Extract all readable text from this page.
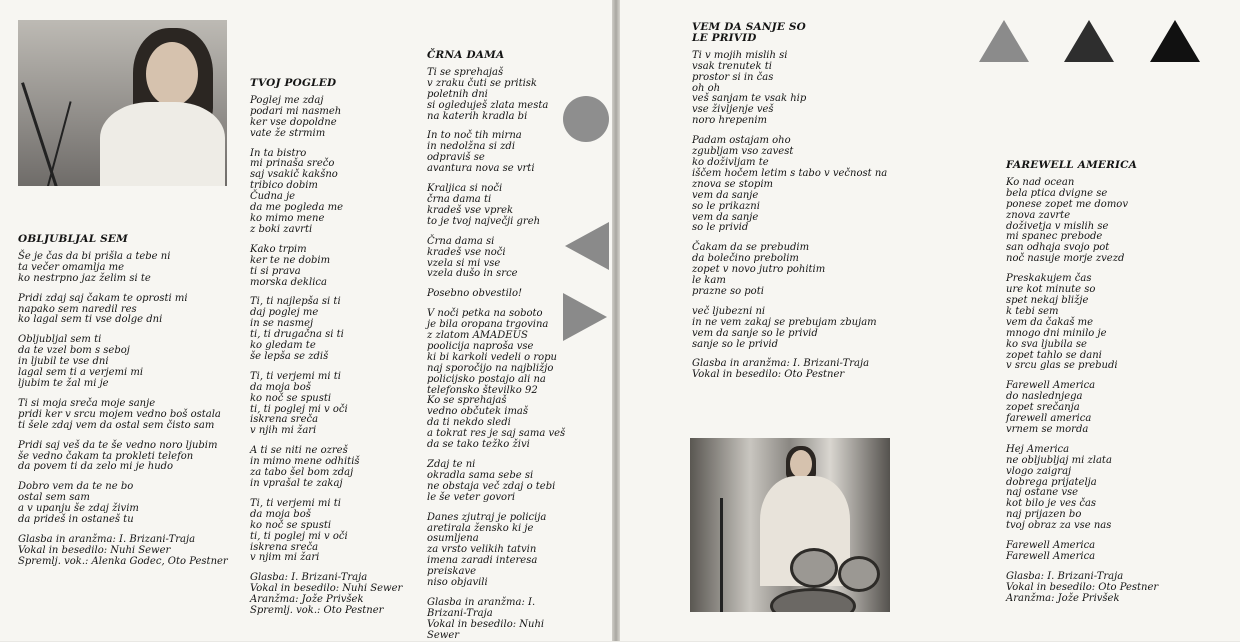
OBLJUBLJAL SEM
Še je čas da bi prišla a tebe ni
ta večer omamlja me
ko nestrpno jaz želim si te
Pridi zdaj saj čakam te oprosti mi
napako sem naredil res
ko lagal sem ti vse dolge dni
Obljubljal sem ti
da te vzel bom s seboj
in ljubil te vse dni
lagal sem ti a verjemi mi
ljubim te žal mi je
Ti si moja sreča moje sanje
pridi ker v srcu mojem vedno boš ostala
ti šele zdaj vem da ostal sem čisto sam
Pridi saj veš da te še vedno noro ljubim
še vedno čakam ta prokleti telefon
da povem ti da zelo mi je hudo
Dobro vem da te ne bo
ostal sem sam
a v upanju še zdaj živim
da prideš in ostaneš tu
Glasba in aranžma: I. Brizani-Traja
Vokal in besedilo: Nuhi Sewer
Spremlj. vok.: Alenka Godec, Oto Pestner
TVOJ POGLED
Poglej me zdaj
podari mi nasmeh
ker vse dopoldne
vate že strmim
In ta bistro
mi prinaša srečo
saj vsakič kakšno
tribico dobim
Čudna je
da me pogleda me
ko mimo mene
z boki zavrti
Kako trpim
ker te ne dobim
ti si prava
morska deklica
Ti, ti najlepša si ti
daj poglej me
in se nasmej
ti, ti drugačna si ti
ko gledam te
še lepša se zdiš
Ti, ti verjemi mi ti
da moja boš
ko noč se spusti
ti, ti poglej mi v oči
iskrena sreča
v njih mi žari
A ti se niti ne ozreš
in mimo mene odhitiš
za tabo šel bom zdaj
in vprašal te zakaj
Ti, ti verjemi mi ti
da moja boš
ko noč se spusti
ti, ti poglej mi v oči
iskrena sreča
v njim mi žari
Glasba: I. Brizani-Traja
Vokal in besedilo: Nuhi Sewer
Aranžma: Jože Privšek
Spremlj. vok.: Oto Pestner
ČRNA DAMA
Ti se sprehajaš
v zraku čuti se pritisk
poletnih dni
si ogleduješ zlata mesta
na katerih kradla bi
In to noč tih mirna
in nedolžna si zdi
odpraviš se
avantura nova se vrti
Kraljica si noči
črna dama ti
kradeš vse vprek
to je tvoj največji greh
Črna dama si
kradeš vse noči
vzela si mi vse
vzela dušo in srce
Posebno obvestilo!
V noči petka na soboto
je bila oropana trgovina
z zlatom AMADEUS
poolicija naproša vse
ki bi karkoli vedeli o ropu
naj sporočijo na najbližjo
policijsko postajo ali na
telefonsko številko 92
Ko se sprehajaš
vedno občutek imaš
da ti nekdo sledi
a tokrat res je saj sama veš
da se tako težko živi
Zdaj te ni
okradla sama sebe si
ne obstaja več zdaj o tebi
le še veter govori
Danes zjutraj je policija
aretirala žensko ki je osumljena
za vrsto velikih tatvin
imena zaradi interesa preiskave
niso objavili
Glasba in aranžma: I. Brizani-Traja
Vokal in besedilo: Nuhi Sewer
VEM DA SANJE SO
LE PRIVID
Ti v mojih mislih si
vsak trenutek ti
prostor si in čas
oh oh
veš sanjam te vsak hip
vse življenje veš
noro hrepenim
Padam ostajam oho
zgubljam vso zavest
ko doživljam te
iščem hočem letim s tabo v večnost na
znova se stopim
vem da sanje
so le prikazni
vem da sanje
so le privid
Čakam da se prebudim
da bolečino prebolim
zopet v novo jutro pohitim
le kam
prazne so poti
več ljubezni ni
in ne vem zakaj se prebujam zbujam
vem da sanje so le privid
sanje so le privid
Glasba in aranžma: I. Brizani-Traja
Vokal in besedilo: Oto Pestner
FAREWELL AMERICA
Ko nad ocean
bela ptica dvigne se
ponese zopet me domov
znova zavrte
doživetja v mislih se
mi spanec prebode
san odhaja svojo pot
noč nasuje morje zvezd
Preskakujem čas
ure kot minute so
spet nekaj bližje
k tebi sem
vem da čakaš me
mnogo dni minilo je
ko sva ljubila se
zopet tahlo se dani
v srcu glas se prebudi
Farewell America
do naslednjega
zopet srečanja
farewell america
vrnem se morda
Hej America
ne obljubljaj mi zlata
vlogo zaigraj
dobrega prijatelja
naj ostane vse
kot bilo je ves čas
naj prijazen bo
tvoj obraz za vse nas
Farewell America
Farewell America
Glasba: I. Brizani-Traja
Vokal in besedilo: Oto Pestner
Aranžma: Jože Privšek
